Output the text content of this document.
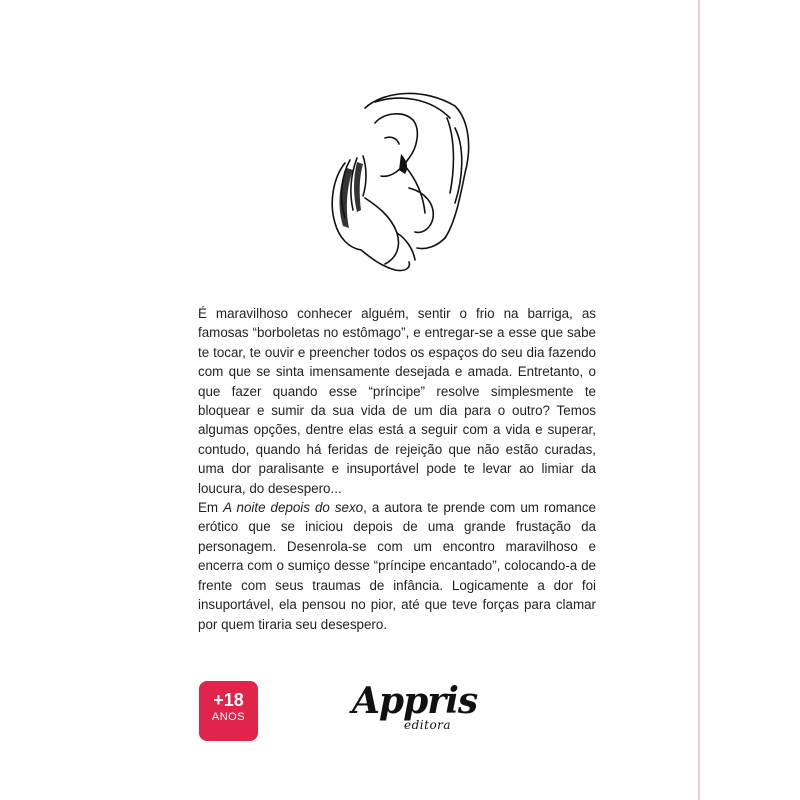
É maravilhoso conhecer alguém, sentir o frio na barriga, as famosas “borboletas no estômago”, e entregar-se a esse que sabe te tocar, te ouvir e preencher todos os espaços do seu dia fazendo com que se sinta imensamente desejada e amada. Entretanto, o que fazer quando esse “príncipe” resolve simplesmente te bloquear e sumir da sua vida de um dia para o outro? Temos algumas opções, dentre elas está a seguir com a vida e superar, contudo, quando há feridas de rejeição que não estão curadas, uma dor paralisante e insuportável pode te levar ao limiar da loucura, do desespero...

Em A noite depois do sexo, a autora te prende com um romance erótico que se iniciou depois de uma grande frustação da personagem. Desenrola-se com um encontro maravilhoso e encerra com o sumiço desse “príncipe encantado”, colocando-a de frente com seus traumas de infância. Logicamente a dor foi insuportável, ela pensou no pior, até que teve forças para clamar por quem tiraria seu desespero.

+18
ANOS	Appris
editora
